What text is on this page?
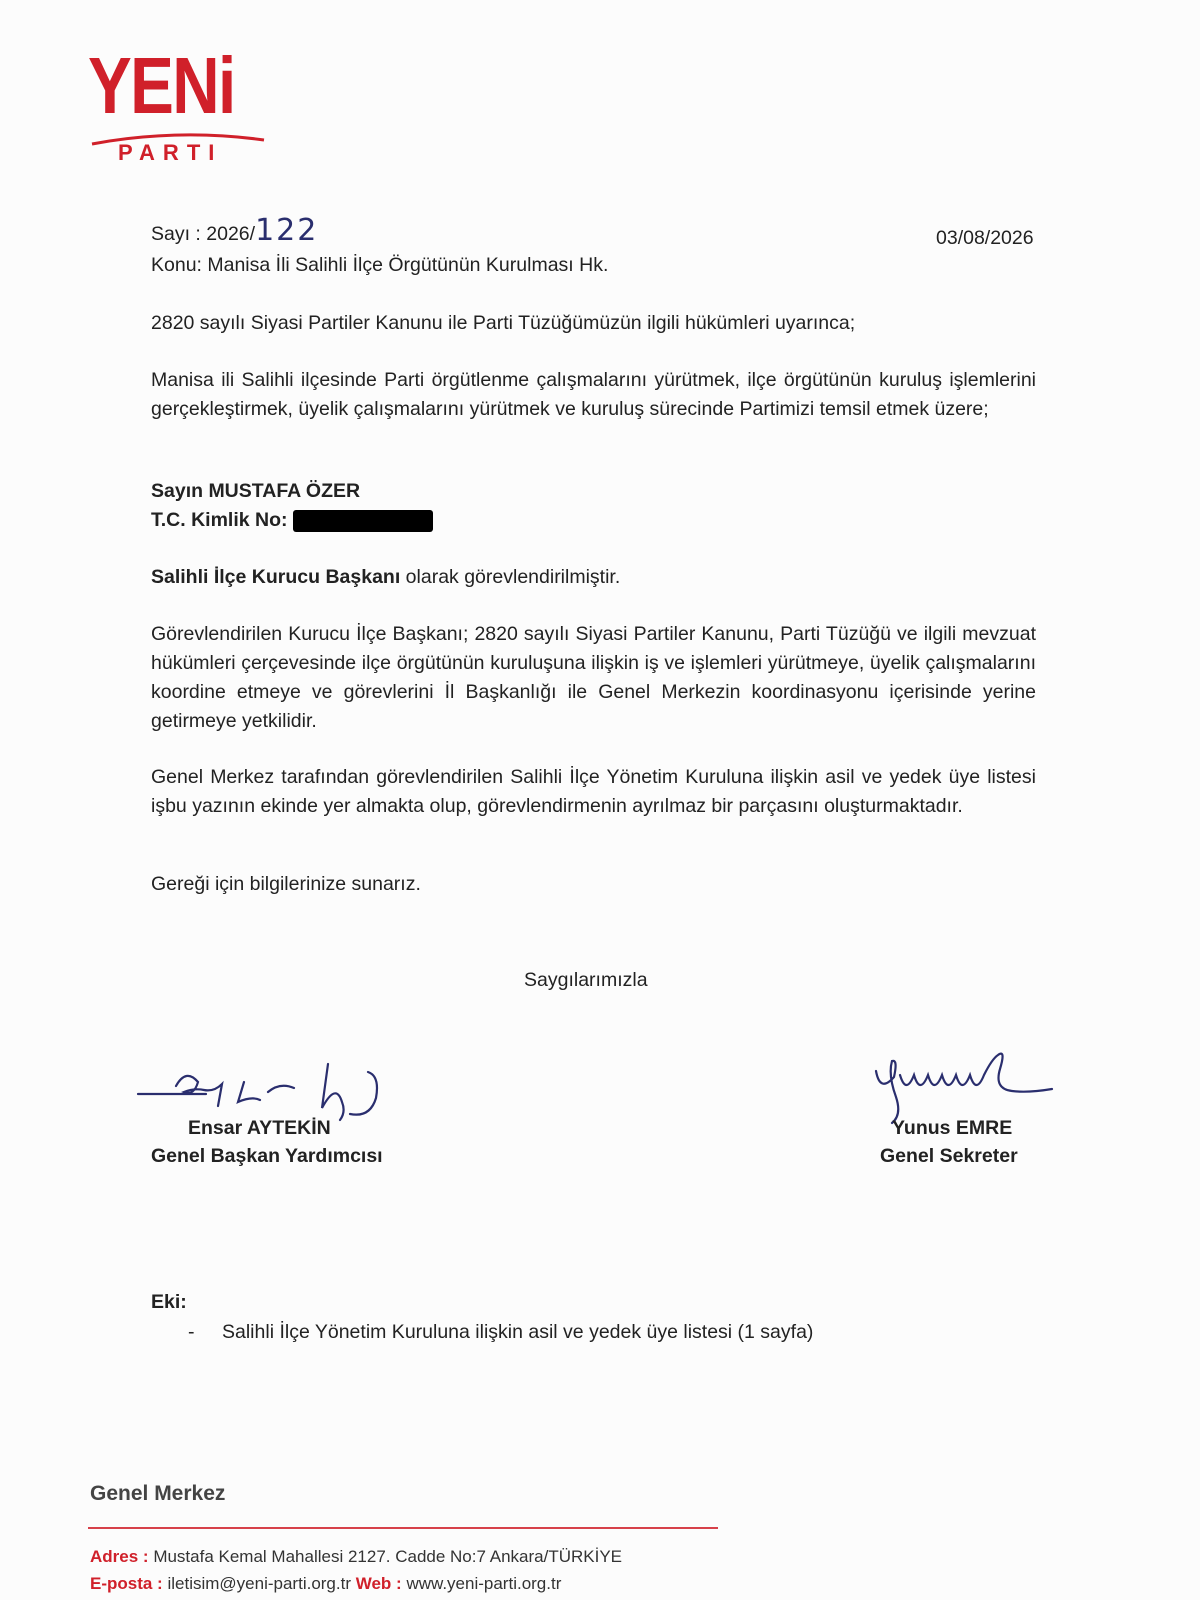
YENi
PARTI
Sayı : 2026/122	03/08/2026
Konu: Manisa İli Salihli İlçe Örgütünün Kurulması Hk.
2820 sayılı Siyasi Partiler Kanunu ile Parti Tüzüğümüzün ilgili hükümleri uyarınca;
Manisa ili Salihli ilçesinde Parti örgütlenme çalışmalarını yürütmek, ilçe örgütünün kuruluş işlemlerini gerçekleştirmek, üyelik çalışmalarını yürütmek ve kuruluş sürecinde Partimizi temsil etmek üzere;
Sayın MUSTAFA ÖZER
T.C. Kimlik No:
Salihli İlçe Kurucu Başkanı olarak görevlendirilmiştir.
Görevlendirilen Kurucu İlçe Başkanı; 2820 sayılı Siyasi Partiler Kanunu, Parti Tüzüğü ve ilgili mevzuat hükümleri çerçevesinde ilçe örgütünün kuruluşuna ilişkin iş ve işlemleri yürütmeye, üyelik çalışmalarını koordine etmeye ve görevlerini İl Başkanlığı ile Genel Merkezin koordinasyonu içerisinde yerine getirmeye yetkilidir.
Genel Merkez tarafından görevlendirilen Salihli İlçe Yönetim Kuruluna ilişkin asil ve yedek üye listesi işbu yazının ekinde yer almakta olup, görevlendirmenin ayrılmaz bir parçasını oluşturmaktadır.
Gereği için bilgilerinize sunarız.
Saygılarımızla
Ensar AYTEKİN
Genel Başkan Yardımcısı
Yunus EMRE
Genel Sekreter
Eki:
- Salihli İlçe Yönetim Kuruluna ilişkin asil ve yedek üye listesi (1 sayfa)
Genel Merkez
Adres : Mustafa Kemal Mahallesi 2127. Cadde No:7 Ankara/TÜRKİYE
E-posta : iletisim@yeni-parti.org.tr Web : www.yeni-parti.org.tr
